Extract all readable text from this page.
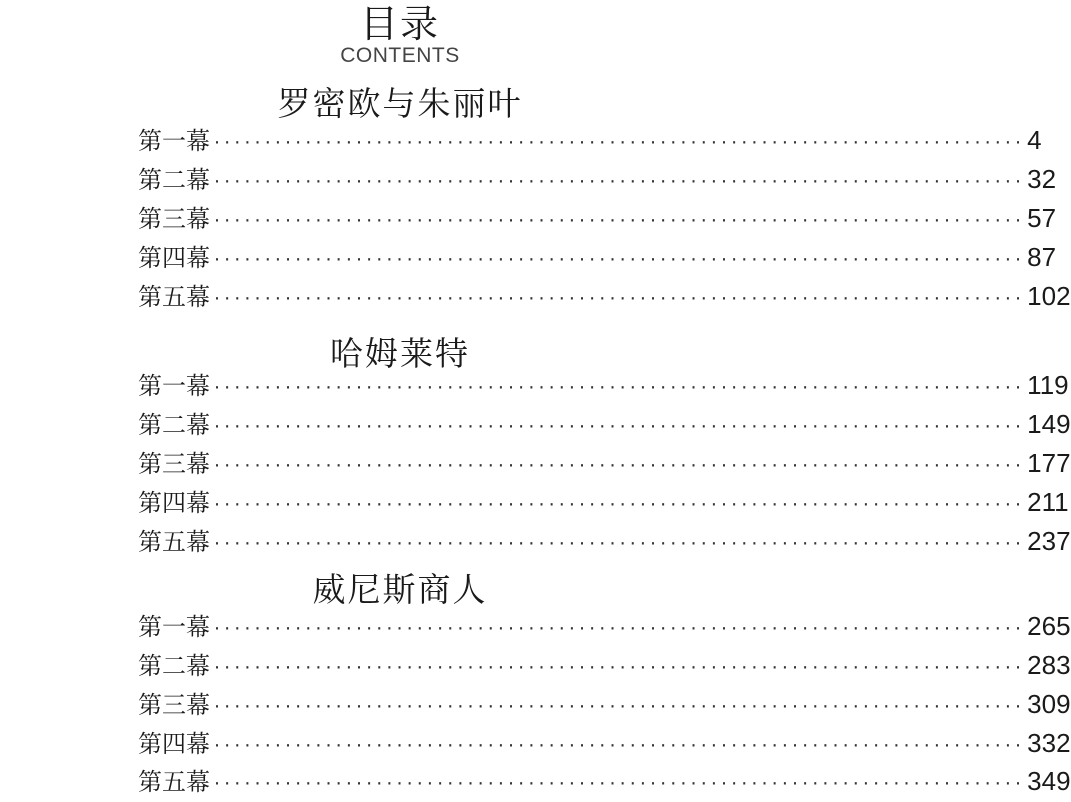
目录
CONTENTS
罗密欧与朱丽叶
第一幕 ················································································ 4
第二幕 ················································································ 32
第三幕 ················································································ 57
第四幕 ················································································ 87
第五幕 ················································································ 102
哈姆莱特
第一幕 ················································································ 119
第二幕 ················································································ 149
第三幕 ················································································ 177
第四幕 ················································································ 211
第五幕 ················································································ 237
威尼斯商人
第一幕 ················································································ 265
第二幕 ················································································ 283
第三幕 ················································································ 309
第四幕 ················································································ 332
第五幕 ················································································ 349
